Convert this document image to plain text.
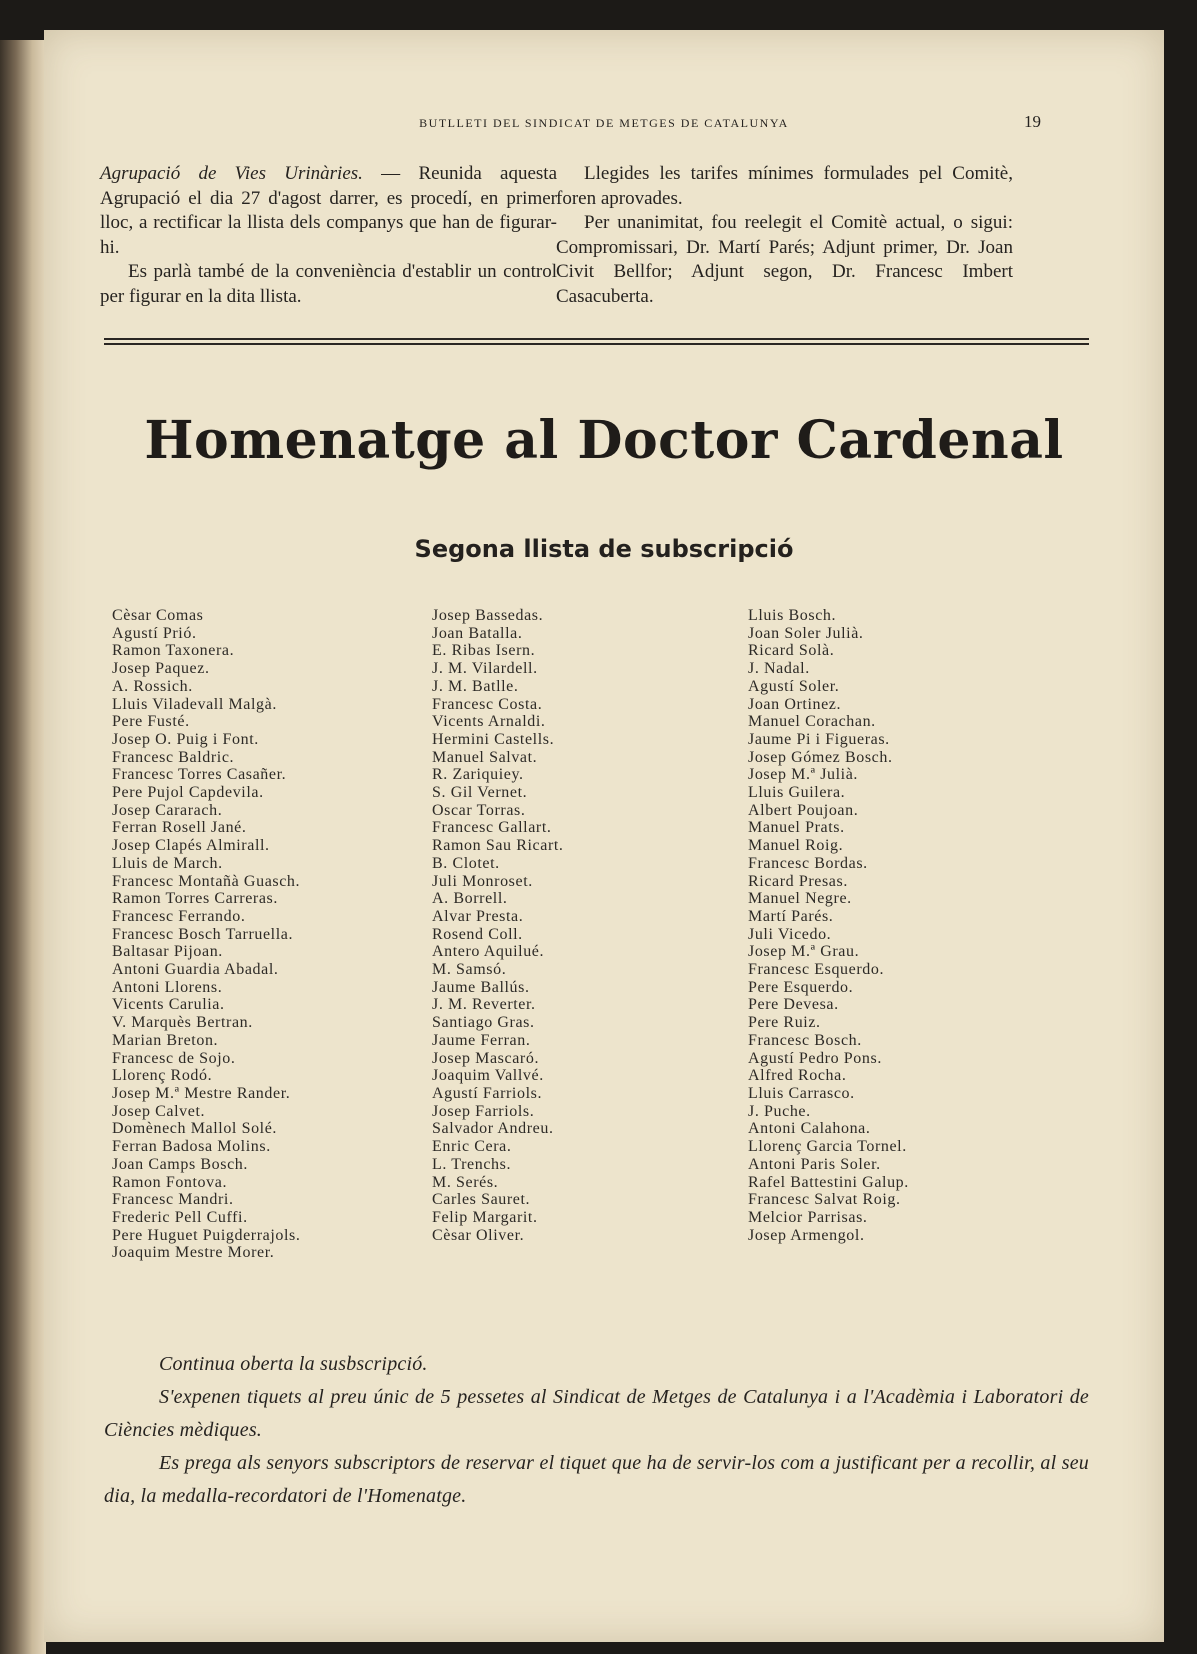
BUTLLETI DEL SINDICAT DE METGES DE CATALUNYA	19

Agrupació de Vies Urinàries. — Reunida aquesta Agrupació el dia 27 d'agost darrer, es procedí, en primer lloc, a rectificar la llista dels companys que han de figurar-hi.

Es parlà també de la conveniència d'establir un control per figurar en la dita llista.

Llegides les tarifes mínimes formulades pel Comitè, foren aprovades.

Per unanimitat, fou reelegit el Comitè actual, o sigui: Compromissari, Dr. Martí Parés; Adjunt primer, Dr. Joan Civit Bellfor; Adjunt segon, Dr. Francesc Imbert Casacuberta.

Homenatge al Doctor Cardenal
Segona llista de subscripció
Cèsar Comas
Agustí Prió.
Ramon Taxonera.
Josep Paquez.
A. Rossich.
Lluis Viladevall Malgà.
Pere Fusté.
Josep O. Puig i Font.
Francesc Baldric.
Francesc Torres Casañer.
Pere Pujol Capdevila.
Josep Cararach.
Ferran Rosell Jané.
Josep Clapés Almirall.
Lluis de March.
Francesc Montañà Guasch.
Ramon Torres Carreras.
Francesc Ferrando.
Francesc Bosch Tarruella.
Baltasar Pijoan.
Antoni Guardia Abadal.
Antoni Llorens.
Vicents Carulia.
V. Marquès Bertran.
Marian Breton.
Francesc de Sojo.
Llorenç Rodó.
Josep M.ª Mestre Rander.
Josep Calvet.
Domènech Mallol Solé.
Ferran Badosa Molins.
Joan Camps Bosch.
Ramon Fontova.
Francesc Mandri.
Frederic Pell Cuffi.
Pere Huguet Puigderrajols.
Joaquim Mestre Morer.
Josep Bassedas.
Joan Batalla.
E. Ribas Isern.
J. M. Vilardell.
J. M. Batlle.
Francesc Costa.
Vicents Arnaldi.
Hermini Castells.
Manuel Salvat.
R. Zariquiey.
S. Gil Vernet.
Oscar Torras.
Francesc Gallart.
Ramon Sau Ricart.
B. Clotet.
Juli Monroset.
A. Borrell.
Alvar Presta.
Rosend Coll.
Antero Aquilué.
M. Samsó.
Jaume Ballús.
J. M. Reverter.
Santiago Gras.
Jaume Ferran.
Josep Mascaró.
Joaquim Vallvé.
Agustí Farriols.
Josep Farriols.
Salvador Andreu.
Enric Cera.
L. Trenchs.
M. Serés.
Carles Sauret.
Felip Margarit.
Cèsar Oliver.
Lluis Bosch.
Joan Soler Julià.
Ricard Solà.
J. Nadal.
Agustí Soler.
Joan Ortinez.
Manuel Corachan.
Jaume Pi i Figueras.
Josep Gómez Bosch.
Josep M.ª Julià.
Lluis Guilera.
Albert Poujoan.
Manuel Prats.
Manuel Roig.
Francesc Bordas.
Ricard Presas.
Manuel Negre.
Martí Parés.
Juli Vicedo.
Josep M.ª Grau.
Francesc Esquerdo.
Pere Esquerdo.
Pere Devesa.
Pere Ruiz.
Francesc Bosch.
Agustí Pedro Pons.
Alfred Rocha.
Lluis Carrasco.
J. Puche.
Antoni Calahona.
Llorenç Garcia Tornel.
Antoni Paris Soler.
Rafel Battestini Galup.
Francesc Salvat Roig.
Melcior Parrisas.
Josep Armengol.

Continua oberta la susbscripció.

S'expenen tiquets al preu únic de 5 pessetes al Sindicat de Metges de Catalunya i a l'Acadèmia i Laboratori de Ciències mèdiques.

Es prega als senyors subscriptors de reservar el tiquet que ha de servir-los com a justificant per a recollir, al seu dia, la medalla-recordatori de l'Homenatge.
